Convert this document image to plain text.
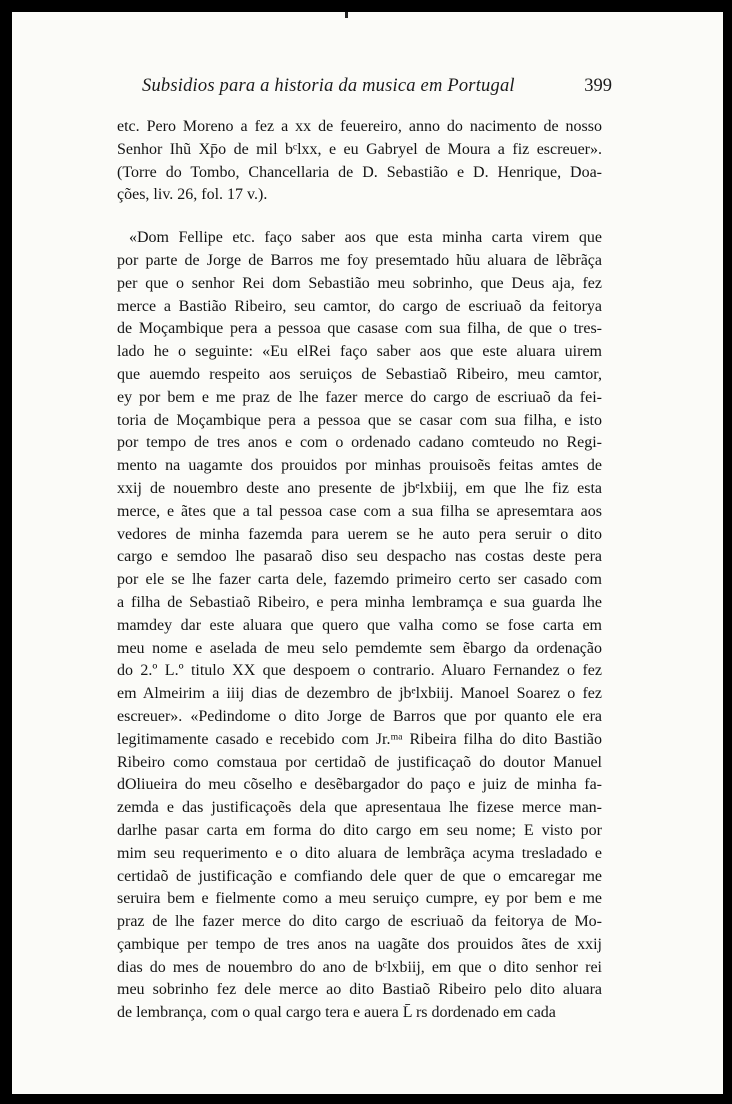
Subsidios para a historia da musica em Portugal	399
etc. Pero Moreno a fez a xx de feuereiro, anno do nacimento de nosso
Senhor Ihũ Xp̄o de mil bᶜlxx, e eu Gabryel de Moura a fiz escreuer».
(Torre do Tombo, Chancellaria de D. Sebastião e D. Henrique, Doa-
ções, liv. 26, fol. 17 v.).
«Dom Fellipe etc. faço saber aos que esta minha carta virem que
por parte de Jorge de Barros me foy presemtado hũu aluara de lẽbrãça
per que o senhor Rei dom Sebastião meu sobrinho, que Deus aja, fez
merce a Bastião Ribeiro, seu camtor, do cargo de escriuaõ da feitorya
de Moçambique pera a pessoa que casase com sua filha, de que o tres-
lado he o seguinte: «Eu elRei faço saber aos que este aluara uirem
que auemdo respeito aos seruiços de Sebastiaõ Ribeiro, meu camtor,
ey por bem e me praz de lhe fazer merce do cargo de escriuaõ da fei-
toria de Moçambique pera a pessoa que se casar com sua filha, e isto
por tempo de tres anos e com o ordenado cadano comteudo no Regi-
mento na uagamte dos prouidos por minhas prouisoẽs feitas amtes de
xxij de nouembro deste ano presente de jbᵉlxbiij, em que lhe fiz esta
merce, e ãtes que a tal pessoa case com a sua filha se apresemtara aos
vedores de minha fazemda para uerem se he auto pera seruir o dito
cargo e semdoo lhe pasaraõ diso seu despacho nas costas deste pera
por ele se lhe fazer carta dele, fazemdo primeiro certo ser casado com
a filha de Sebastiaõ Ribeiro, e pera minha lembramça e sua guarda lhe
mamdey dar este aluara que quero que valha como se fose carta em
meu nome e aselada de meu selo pemdemte sem ẽbargo da ordenação
do 2.º L.º titulo XX que despoem o contrario. Aluaro Fernandez o fez
em Almeirim a iiij dias de dezembro de jbᵉlxbiij. Manoel Soarez o fez
escreuer». «Pedindome o dito Jorge de Barros que por quanto ele era
legitimamente casado e recebido com Jr.ᵐᵃ Ribeira filha do dito Bastião
Ribeiro como comstaua por certidaõ de justificaçaõ do doutor Manuel
dOliueira do meu cõselho e desẽbargador do paço e juiz de minha fa-
zemda e das justificaçoẽs dela que apresentaua lhe fizese merce man-
darlhe pasar carta em forma do dito cargo em seu nome; E visto por
mim seu requerimento e o dito aluara de lembrãça acyma tresladado e
certidaõ de justificação e comfiando dele quer de que o emcaregar me
seruira bem e fielmente como a meu seruiço cumpre, ey por bem e me
praz de lhe fazer merce do dito cargo de escriuaõ da feitorya de Mo-
çambique per tempo de tres anos na uagãte dos prouidos ãtes de xxij
dias do mes de nouembro do ano de bᶜlxbiij, em que o dito senhor rei
meu sobrinho fez dele merce ao dito Bastiaõ Ribeiro pelo dito aluara
de lembrança, com o qual cargo tera e auera L̄ rs dordenado em cada
